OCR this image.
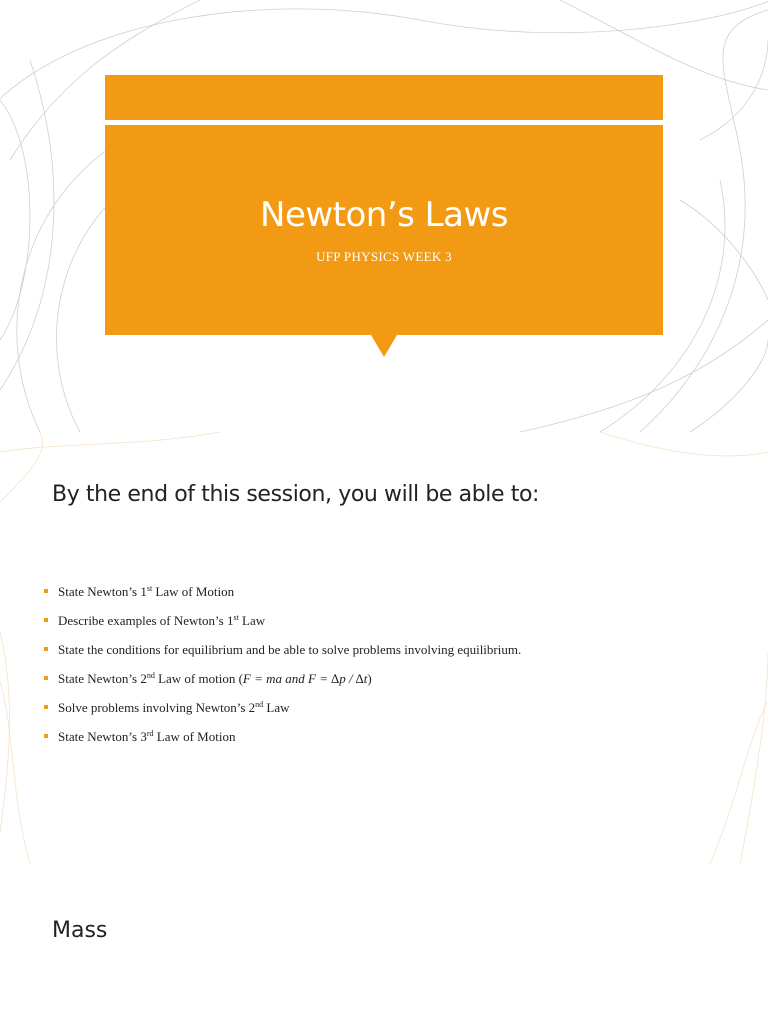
Newton’s Laws
UFP PHYSICS WEEK 3
By the end of this session, you will be able to:
State Newton’s 1st Law of Motion
Describe examples of Newton’s 1st Law
State the conditions for equilibrium and be able to solve problems involving equilibrium.
State Newton’s 2nd Law of motion (F = ma and F = ∆p / ∆t)
Solve problems involving Newton’s 2nd Law
State Newton’s 3rd Law of Motion
Mass
